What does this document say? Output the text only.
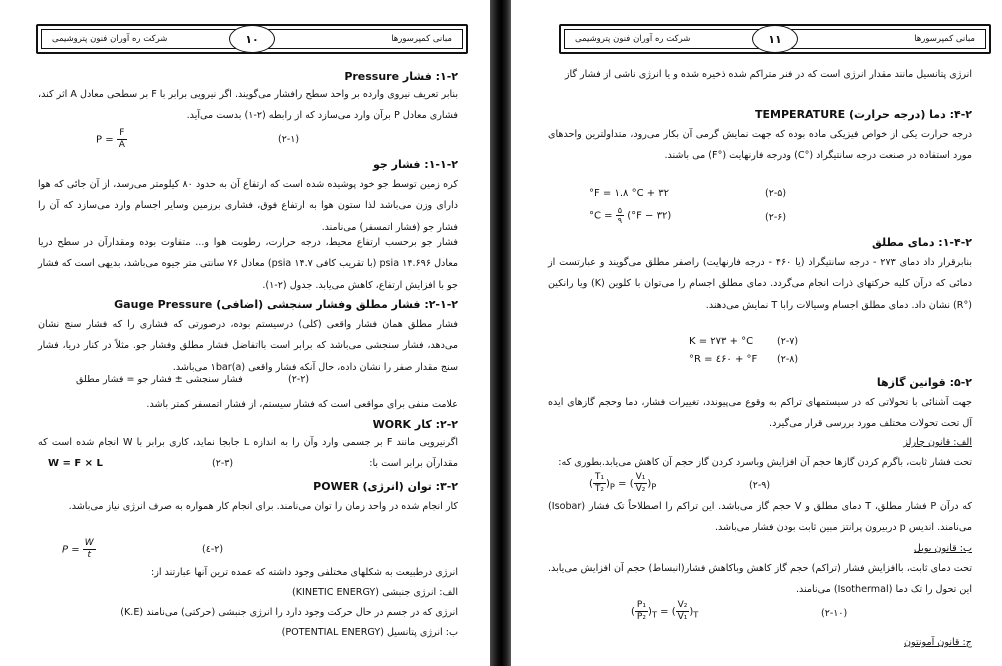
شرکت ره آوران فنون پتروشیمی	مبانی کمپرسورها
۱۰
۱-۲: فشار Pressure
بنابر تعریف نیروی وارده بر واحد سطح رافشار می‌گویند. اگر نیرویی برابر با F بر سطحی معادل A اثر کند، فشاری معادل P برآن وارد می‌سازد که از رابطه (۲-۱) بدست می‌آید.
$P = \frac{F}{A}$	(۲-۱)
۱-۱-۲: فشار جو
کره زمین توسط جو خود پوشیده شده است که ارتفاع آن به حدود ۸۰ کیلومتر می‌رسد، از آن جائی که هوا دارای وزن می‌باشد لذا ستون هوا به ارتفاع فوق، فشاری برزمین وسایر اجسام وارد می‌سازد که آن را فشار جو (فشار اتمسفر) می‌نامند.
فشار جو برحسب ارتفاع محیط، درجه حرارت، رطوبت هوا و... متفاوت بوده ومقدارآن در سطح دریا معادل psia ۱۴.۶۹۶ (با تقریب کافی psia ۱۴.۷) معادل ۷۶ سانتی متر جیوه می‌باشد، بدیهی است که فشار جو با افزایش ارتفاع، کاهش می‌یابد. جدول (۲-۱).
۲-۱-۲: فشار مطلق وفشار سنجشی (اضافی) Gauge Pressure
فشار مطلق همان فشار واقعی (کلی) درسیستم بوده، درصورتی که فشاری را که فشار سنج نشان می‌دهد، فشار سنجشی می‌باشد که برابر است بااتفاضل فشار مطلق وفشار جو. مثلاً در کنار دریا، فشار سنج مقدار صفر را نشان داده، حال آنکه فشار واقعی ۱bar(a) می‌باشد.
فشار سنجشی ± فشار جو = فشار مطلق	(۲-۲)
علامت منفی برای مواقعی است که فشار سیستم، از فشار اتمسفر کمتر باشد.
۲-۲: کار WORK
اگرنیرویی مانند F بر جسمی وارد وآن را به اندازه L جابجا نماید، کاری برابر با W انجام شده است که مقدارآن برابر است با:
W = F × L	(۲-۳)
۳-۲: توان (انرژی) POWER
کار انجام شده در واحد زمان را توان می‌نامند. برای انجام کار همواره به صرف انرژی نیاز می‌باشد.
$P = \frac{W}{t}$	(۲-٤)
انرژی درطبیعت به شکلهای مختلفی وجود داشته که عمده ترین آنها عبارتند از:
الف: انرژی جنبشی (KINETIC ENERGY)
انرژی که در جسم در حال حرکت وجود دارد را انرژی جنبشی (حرکتی) می‌نامند (K.E)
ب: انرژی پتانسیل (POTENTIAL ENERGY)
شرکت ره آوران فنون پتروشیمی	مبانی کمپرسورها
۱۱
انرژی پتانسیل مانند مقدار انرژی است که در فنر متراکم شده ذخیره شده و یا انرژی ناشی از فشار گاز
۴-۲: دما (درجه حرارت) TEMPERATURE
درجه حرارت یکی از خواص فیزیکی ماده بوده که جهت نمایش گرمی آن بکار می‌رود، متداولترین واحدهای مورد استفاده در صنعت درجه سانتیگراد (°C) ودرجه فارنهایت (°F) می باشند.
°F = ۱.۸ °C + ۳۲	(۲-۵)
$^\circ C = \frac{۵}{۹} (^\circ F$ − ۳۲)	(۲-۶)
۱-۴-۲: دمای مطلق
بنابرقرار داد دمای ۲۷۳ - درجه سانتیگراد (یا ۴۶۰ - درجه فارنهایت) راصفر مطلق می‌گویند و عبارتست از دمائی که درآن کلیه حرکتهای ذرات انجام می‌گردد. دمای مطلق اجسام را می‌توان با کلوین (K) ویا رانکین (°R) نشان داد. دمای مطلق اجسام وسیالات رابا T نمایش می‌دهند.
K = ۲۷۳ + °C	(۲-۷)
°R = ٤۶۰ + °F (۲-۸)
۵-۲: قوانین گازها
جهت آشنائی با تحولاتی که در سیستمهای تراکم به وقوع می‌پیوندد، تغییرات فشار، دما وحجم گازهای ایده آل تحت تحولات مختلف مورد بررسی قرار می‌گیرد.
الف: قانون چارلز
تحت فشار ثابت، باگرم کردن گازها حجم آن افزایش وباسرد کردن گاز حجم آن کاهش می‌یابد.بطوری که:
( $\frac{\text{T₁}}{\text{T₂}} )_P$ = ( $\frac{\text{V₁}}{\text{V₂}} )_P$	(۲-۹)
که درآن P فشار مطلق، T دمای مطلق و V حجم گاز می‌باشد. این تراکم را اصطلاحاً تک فشار (Isobar) می‌نامند. اندیس p دربیرون پرانتز مبین ثابت بودن فشار می‌باشد.
ب: قانون بویل
تحت دمای ثابت، باافزایش فشار (تراکم) حجم گاز کاهش وباکاهش فشار(انبساط) حجم آن افزایش می‌یابد. این تحول را تک دما (Isothermal) می‌نامند.
( $\frac{\text{P₁}}{\text{P₂}} )_T$ = ( $\frac{\text{V₂}}{\text{V₁}} )_T$	(۲-۱۰)
ج: قانون آمونتون
